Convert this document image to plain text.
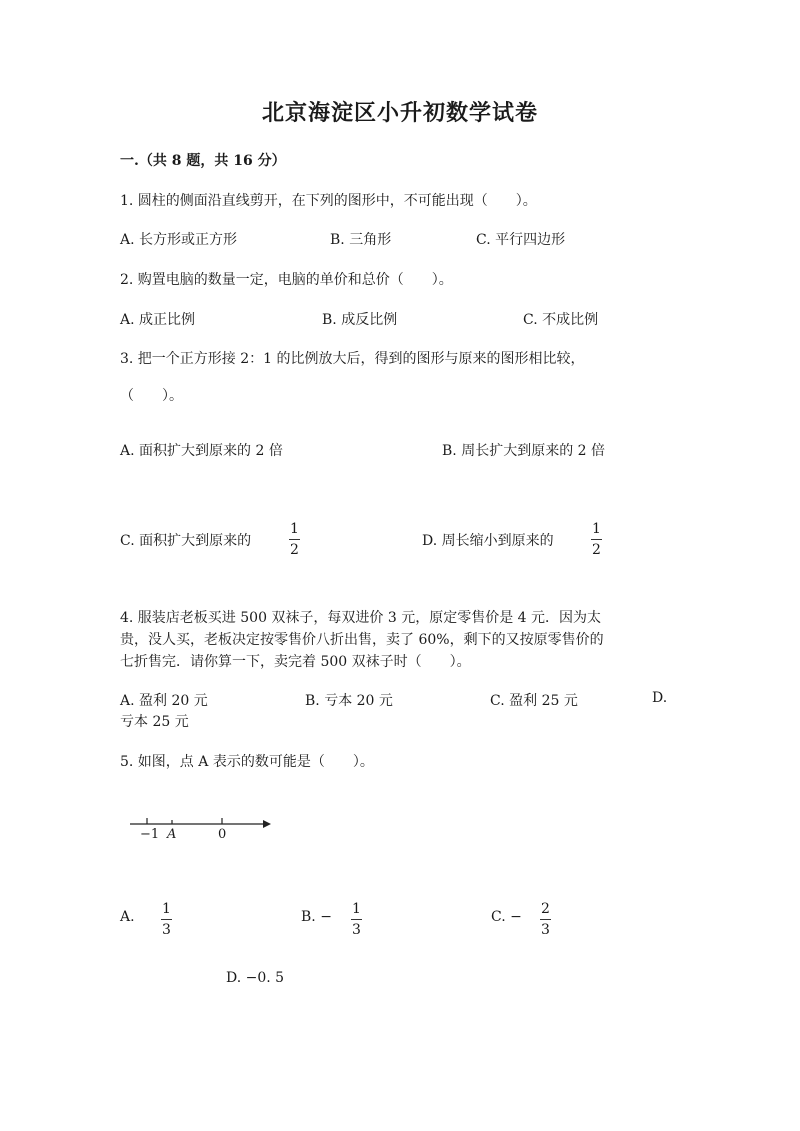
北京海淀区小升初数学试卷
一.（共 8 题，共 16 分）
1. 圆柱的侧面沿直线剪开，在下列的图形中，不可能出现（　　）。
A. 长方形或正方形	B. 三角形	C. 平行四边形
2. 购置电脑的数量一定，电脑的单价和总价（　　）。
A. 成正比例	B. 成反比例	C. 不成比例
3. 把一个正方形接 2：1 的比例放大后，得到的图形与原来的图形相比较，
（　　）。
A. 面积扩大到原来的 2 倍	B. 周长扩大到原来的 2 倍
C. 面积扩大到原来的
1
2
D. 周长缩小到原来的
1
2
4. 服装店老板买进 500 双袜子，每双进价 3 元，原定零售价是 4 元．因为太
贵，没人买，老板决定按零售价八折出售，卖了 60%，剩下的又按原零售价的
七折售完．请你算一下，卖完着 500 双袜子时（　　）。
A. 盈利 20 元	B. 亏本 20 元	C. 盈利 25 元	D.
亏本 25 元
5. 如图，点 A 表示的数可能是（　　）。
−1 A	0
A. 1
3
B. − 1
3
C. − 2
3
D. −0. 5
